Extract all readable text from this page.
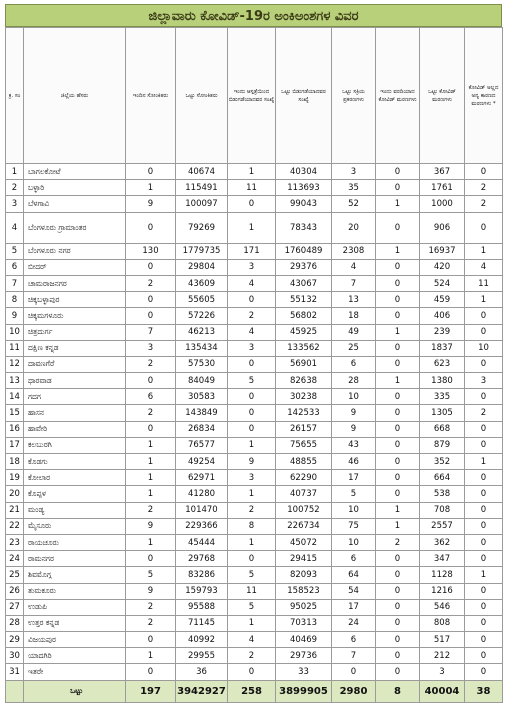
ಜಿಲ್ಲಾವಾರು ಕೋವಿಡ್-19ರ ಅಂಕಿಅಂಶಗಳ ವಿವರ
ಕ್ರ. ಸಂ	ಜಿಲ್ಲೆಯ ಹೆಸರು	ಇಂದಿನ ಸೋಂಕಿತರು	ಒಟ್ಟು ಸೋಂಕಿತರು	ಇಂದು ಆಸ್ಪತ್ರೆಯಿಂದ ಬಿಡುಗಡೆಯಾದವರ ಸಂಖ್ಯೆ	ಒಟ್ಟು ಬಿಡುಗಡೆಯಾದವರ ಸಂಖ್ಯೆ	ಒಟ್ಟು ಸಕ್ರಿಯ ಪ್ರಕರಣಗಳು	ಇಂದು ವರದಿಯಾದ ಕೋವಿಡ್ ಮರಣಗಳು	ಒಟ್ಟು ಕೋವಿಡ್ ಮರಣಗಳು	ಕೋವಿಡ್ ಅಲ್ಲದ ಅನ್ಯ ಕಾರಣದ ಮರಣಗಳು *
1	ಬಾಗಲಕೋಟೆ	0	40674	1	40304	3	0	367	0
2	ಬಳ್ಳಾರಿ	1	115491	11	113693	35	0	1761	2
3	ಬೆಳಗಾವಿ	9	100097	0	99043	52	1	1000	2
4	ಬೆಂಗಳೂರು ಗ್ರಾಮಾಂತರ	0	79269	1	78343	20	0	906	0
5	ಬೆಂಗಳೂರು ನಗರ	130	1779735	171	1760489	2308	1	16937	1
6	ಬೀದರ್	0	29804	3	29376	4	0	420	4
7	ಚಾಮರಾಜನಗರ	2	43609	4	43067	7	0	524	11
8	ಚಿಕ್ಕಬಳ್ಳಾಪುರ	0	55605	0	55132	13	0	459	1
9	ಚಿಕ್ಕಮಗಳೂರು	0	57226	2	56802	18	0	406	0
10	ಚಿತ್ರದುರ್ಗ	7	46213	4	45925	49	1	239	0
11	ದಕ್ಷಿಣ ಕನ್ನಡ	3	135434	3	133562	25	0	1837	10
12	ದಾವಣಗೆರೆ	2	57530	0	56901	6	0	623	0
13	ಧಾರವಾಡ	0	84049	5	82638	28	1	1380	3
14	ಗದಗ	6	30583	0	30238	10	0	335	0
15	ಹಾಸನ	2	143849	0	142533	9	0	1305	2
16	ಹಾವೇರಿ	0	26834	0	26157	9	0	668	0
17	ಕಲಬುರಗಿ	1	76577	1	75655	43	0	879	0
18	ಕೊಡಗು	1	49254	9	48855	46	0	352	1
19	ಕೋಲಾರ	1	62971	3	62290	17	0	664	0
20	ಕೊಪ್ಪಳ	1	41280	1	40737	5	0	538	0
21	ಮಂಡ್ಯ	2	101470	2	100752	10	1	708	0
22	ಮೈಸೂರು	9	229366	8	226734	75	1	2557	0
23	ರಾಯಚೂರು	1	45444	1	45072	10	2	362	0
24	ರಾಮನಗರ	0	29768	0	29415	6	0	347	0
25	ಶಿವಮೊಗ್ಗ	5	83286	5	82093	64	0	1128	1
26	ತುಮಕೂರು	9	159793	11	158523	54	0	1216	0
27	ಉಡುಪಿ	2	95588	5	95025	17	0	546	0
28	ಉತ್ತರ ಕನ್ನಡ	2	71145	1	70313	24	0	808	0
29	ವಿಜಯಪುರ	0	40992	4	40469	6	0	517	0
30	ಯಾದಗಿರಿ	1	29955	2	29736	7	0	212	0
31	ಇತರೇ	0	36	0	33	0	0	3	0
	ಒಟ್ಟು	197	3942927	258	3899905	2980	8	40004	38
